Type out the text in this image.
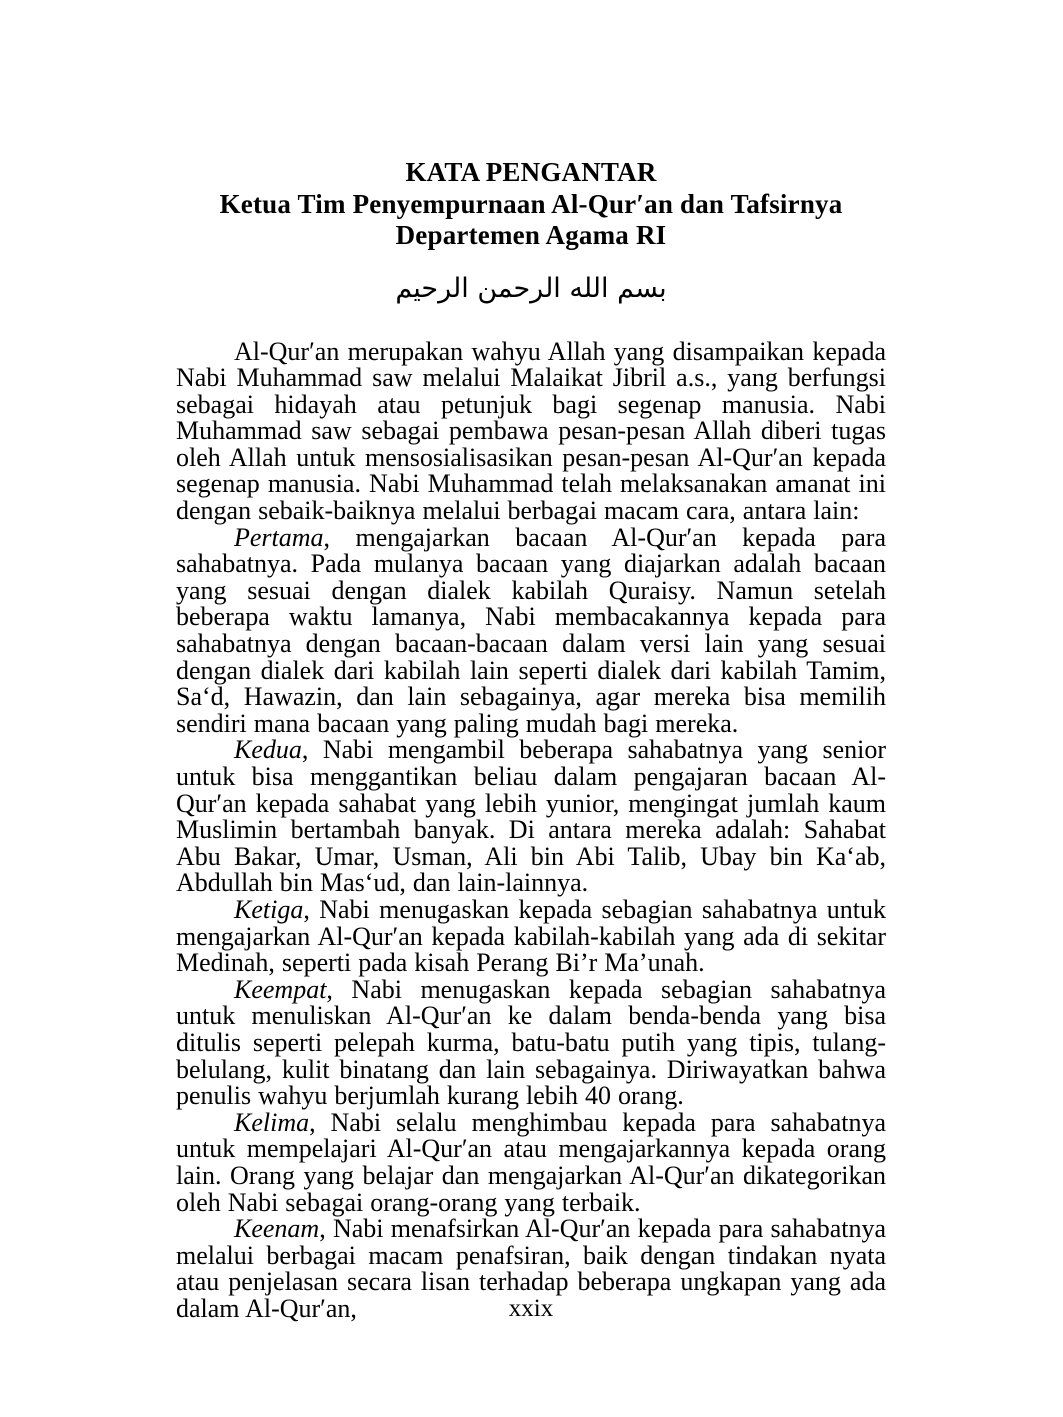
KATA PENGANTAR
Ketua Tim Penyempurnaan Al-Qur′an dan Tafsirnya
Departemen Agama RI
بسم الله الرحمن الرحيم

Al-Qur′an merupakan wahyu Allah yang disampaikan kepada Nabi Muhammad saw melalui Malaikat Jibril a.s., yang berfungsi sebagai hidayah atau petunjuk bagi segenap manusia. Nabi Muhammad saw sebagai pembawa pesan-pesan Allah diberi tugas oleh Allah untuk mensosialisasikan pesan-pesan Al-Qur′an kepada segenap manusia. Nabi Muhammad telah melaksanakan amanat ini dengan sebaik-baiknya melalui berbagai macam cara, antara lain:

Pertama, mengajarkan bacaan Al-Qur′an kepada para sahabatnya. Pada mulanya bacaan yang diajarkan adalah bacaan yang sesuai dengan dialek kabilah Quraisy. Namun setelah beberapa waktu lamanya, Nabi membacakannya kepada para sahabatnya dengan bacaan-bacaan dalam versi lain yang sesuai dengan dialek dari kabilah lain seperti dialek dari kabilah Tamim, Sa‘d, Hawazin, dan lain sebagainya, agar mereka bisa memilih sendiri mana bacaan yang paling mudah bagi mereka.

Kedua, Nabi mengambil beberapa sahabatnya yang senior untuk bisa menggantikan beliau dalam pengajaran bacaan Al-Qur′an kepada sahabat yang lebih yunior, mengingat jumlah kaum Muslimin bertambah banyak. Di antara mereka adalah: Sahabat Abu Bakar, Umar, Usman, Ali bin Abi Talib, Ubay bin Ka‘ab, Abdullah bin Mas‘ud, dan lain-lainnya.

Ketiga, Nabi menugaskan kepada sebagian sahabatnya untuk mengajarkan Al-Qur′an kepada kabilah-kabilah yang ada di sekitar Medinah, seperti pada kisah Perang Bi’r Ma’unah.

Keempat, Nabi menugaskan kepada sebagian sahabatnya untuk menuliskan Al-Qur′an ke dalam benda-benda yang bisa ditulis seperti pelepah kurma, batu-batu putih yang tipis, tulang-belulang, kulit binatang dan lain sebagainya. Diriwayatkan bahwa penulis wahyu berjumlah kurang lebih 40 orang.

Kelima, Nabi selalu menghimbau kepada para sahabatnya untuk mempelajari Al-Qur′an atau mengajarkannya kepada orang lain. Orang yang belajar dan mengajarkan Al-Qur′an dikategorikan oleh Nabi sebagai orang-orang yang terbaik.

Keenam, Nabi menafsirkan Al-Qur′an kepada para sahabatnya melalui berbagai macam penafsiran, baik dengan tindakan nyata atau penjelasan secara lisan terhadap beberapa ungkapan yang ada dalam Al-Qur′an,	xxix
